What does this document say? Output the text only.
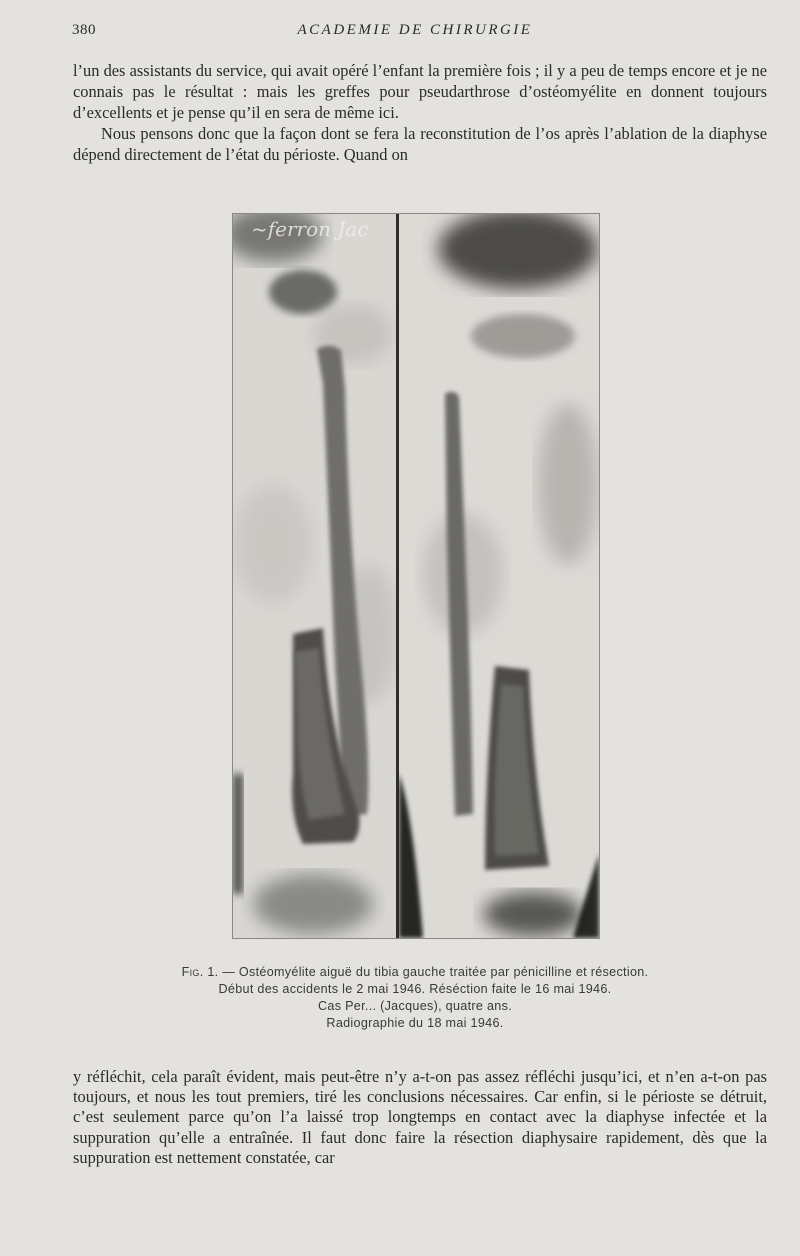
380	ACADEMIE DE CHIRURGIE

l’un des assistants du service, qui avait opéré l’enfant la première fois ; il y a peu de temps encore et je ne connais pas le résultat : mais les greffes pour pseudarthrose d’ostéomyélite en donnent toujours d’excellents et je pense qu’il en sera de même ici.

Nous pensons donc que la façon dont se fera la reconstitution de l’os après l’ablation de la diaphyse dépend directement de l’état du périoste. Quand on

~ferron Jac
Fig. 1. — Ostéomyélite aiguë du tibia gauche traitée par pénicilline et résection.
Début des accidents le 2 mai 1946. Réséction faite le 16 mai 1946.
Cas Per... (Jacques), quatre ans.
Radiographie du 18 mai 1946.

y réfléchit, cela paraît évident, mais peut-être n’y a-t-on pas assez réfléchi jusqu’ici, et n’en a-t-on pas toujours, et nous les tout premiers, tiré les conclusions nécessaires. Car enfin, si le périoste se détruit, c’est seulement parce qu’on l’a laissé trop longtemps en contact avec la diaphyse infectée et la suppuration qu’elle a entraînée. Il faut donc faire la résection diaphysaire rapidement, dès que la suppuration est nettement constatée, car
